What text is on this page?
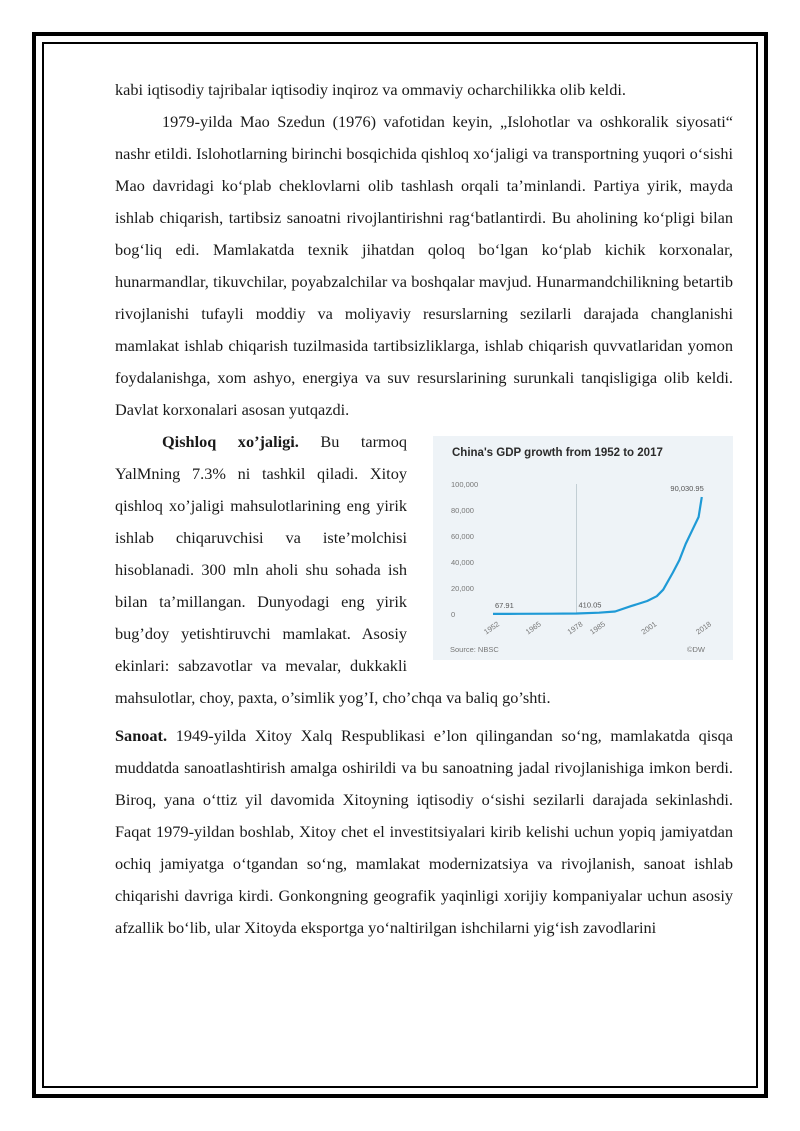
kabi iqtisodiy tajribalar iqtisodiy inqiroz va ommaviy ocharchilikka olib keldi.

1979-yilda Mao Szedun (1976) vafotidan keyin, „Islohotlar va oshkoralik siyosati“ nashr etildi. Islohotlarning birinchi bosqichida qishloq xo‘jaligi va transportning yuqori o‘sishi Mao davridagi ko‘plab cheklovlarni olib tashlash orqali ta’minlandi. Partiya yirik, mayda ishlab chiqarish, tartibsiz sanoatni rivojlantirishni rag‘batlantirdi. Bu aholining ko‘pligi bilan bog‘liq edi. Mamlakatda texnik jihatdan qoloq bo‘lgan ko‘plab kichik korxonalar, hunarmandlar, tikuvchilar, poyabzalchilar va boshqalar mavjud. Hunarmandchilikning betartib rivojlanishi tufayli moddiy va moliyaviy resurslarning sezilarli darajada changlanishi mamlakat ishlab chiqarish tuzilmasida tartibsizliklarga, ishlab chiqarish quvvatlaridan yomon foydalanishga, xom ashyo, energiya va suv resurslarining surunkali tanqisligiga olib keldi. Davlat korxonalari asosan yutqazdi.

China's GDP growth from 1952 to 2017
0
20,000
40,000
60,000
80,000
100,000
1952	1965	1978 1985	2001	2018
67.91	410.05
90,030.95
Source: NBSC	©DW

Qishloq xo’jaligi. Bu tarmoq YalMning 7.3% ni tashkil qiladi. Xitoy qishloq xo’jaligi mahsulotlarining eng yirik ishlab chiqaruvchisi va iste’molchisi hisoblanadi. 300 mln aholi shu sohada ish bilan ta’millangan. Dunyodagi eng yirik bug’doy yetishtiruvchi mamlakat. Asosiy ekinlari: sabzavotlar va mevalar, dukkakli mahsulotlar, choy, paxta, o’simlik yog’I, cho’chqa va baliq go’shti.

Sanoat. 1949-yilda Xitoy Xalq Respublikasi e’lon qilingandan so‘ng, mamlakatda qisqa muddatda sanoatlashtirish amalga oshirildi va bu sanoatning jadal rivojlanishiga imkon berdi. Biroq, yana o‘ttiz yil davomida Xitoyning iqtisodiy o‘sishi sezilarli darajada sekinlashdi. Faqat 1979-yildan boshlab, Xitoy chet el investitsiyalari kirib kelishi uchun yopiq jamiyatdan ochiq jamiyatga o‘tgandan so‘ng, mamlakat modernizatsiya va rivojlanish, sanoat ishlab chiqarishi davriga kirdi. Gonkongning geografik yaqinligi xorijiy kompaniyalar uchun asosiy afzallik bo‘lib, ular Xitoyda eksportga yo‘naltirilgan ishchilarni yig‘ish zavodlarini
